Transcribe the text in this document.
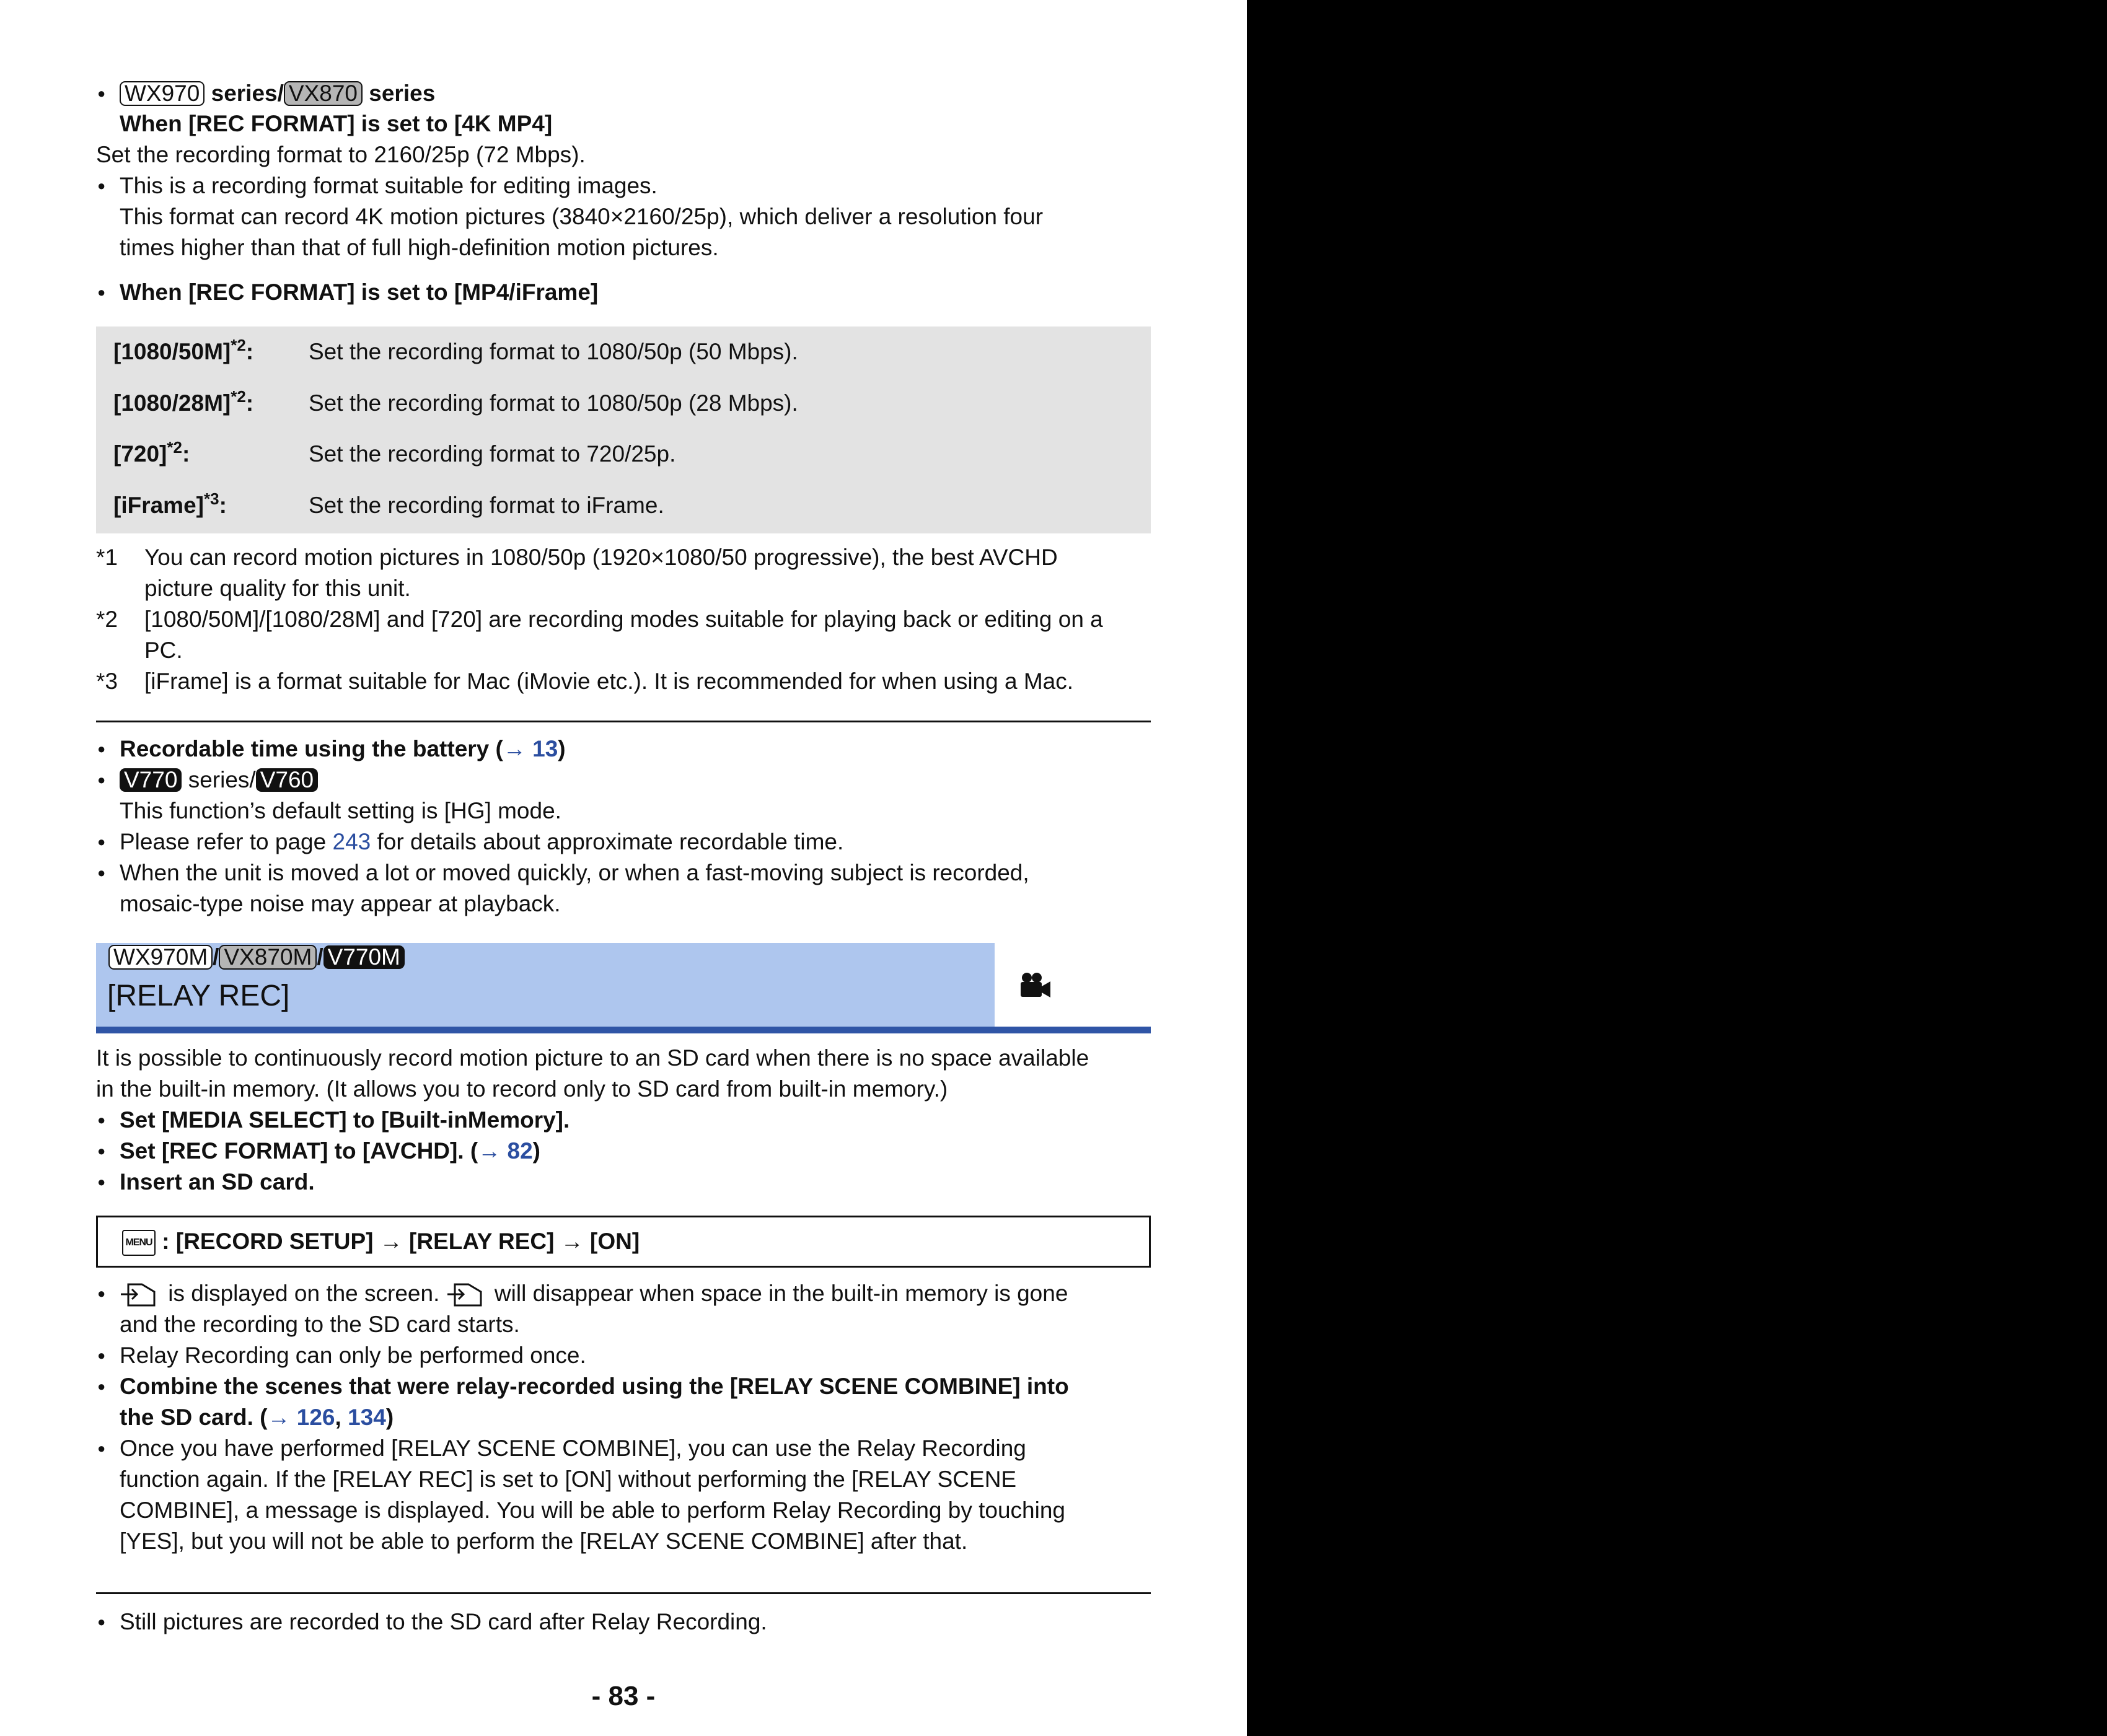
● WX970 series/ VX870 series
When [REC FORMAT] is set to [4K MP4]
Set the recording format to 2160/25p (72 Mbps).
● This is a recording format suitable for editing images.
This format can record 4K motion pictures (3840×2160/25p), which deliver a resolution four
times higher than that of full high-definition motion pictures.
● When [REC FORMAT] is set to [MP4/iFrame]
$[1080/50M]^{*2}$: Set the recording format to 1080/50p (50 Mbps).
$[1080/28M]^{*2}$: Set the recording format to 1080/50p (28 Mbps).
$[720]^{*2}$:	Set the recording format to 720/25p.
[iFrame]$^{*3}$:	Set the recording format to iFrame.
*1 You can record motion pictures in 1080/50p (1920×1080/50 progressive), the best AVCHD
picture quality for this unit.
*2 [1080/50M]/[1080/28M] and [720] are recording modes suitable for playing back or editing on a
PC.
*3 [iFrame] is a format suitable for Mac (iMovie etc.). It is recommended for when using a Mac.
● Recordable time using the battery (→ 13)
● V770 series/ V760
This function’s default setting is [HG] mode.
● Please refer to page 243 for details about approximate recordable time.
● When the unit is moved a lot or moved quickly, or when a fast-moving subject is recorded,
mosaic-type noise may appear at playback.
WX970M / VX870M / V770M
[RELAY REC]
It is possible to continuously record motion picture to an SD card when there is no space available
in the built-in memory. (It allows you to record only to SD card from built-in memory.)
● Set [MEDIA SELECT] to [Built-inMemory].
● Set [REC FORMAT] to [AVCHD]. (→ 82)
● Insert an SD card.
MENU : [RECORD SETUP] → [RELAY REC] → [ON]
● is displayed on the screen.  will disappear when space in the built-in memory is gone
and the recording to the SD card starts.
● Relay Recording can only be performed once.
● Combine the scenes that were relay-recorded using the [RELAY SCENE COMBINE] into
the SD card. (→ 126, 134)
● Once you have performed [RELAY SCENE COMBINE], you can use the Relay Recording
function again. If the [RELAY REC] is set to [ON] without performing the [RELAY SCENE
COMBINE], a message is displayed. You will be able to perform Relay Recording by touching
[YES], but you will not be able to perform the [RELAY SCENE COMBINE] after that.
● Still pictures are recorded to the SD card after Relay Recording.
- 83 -
